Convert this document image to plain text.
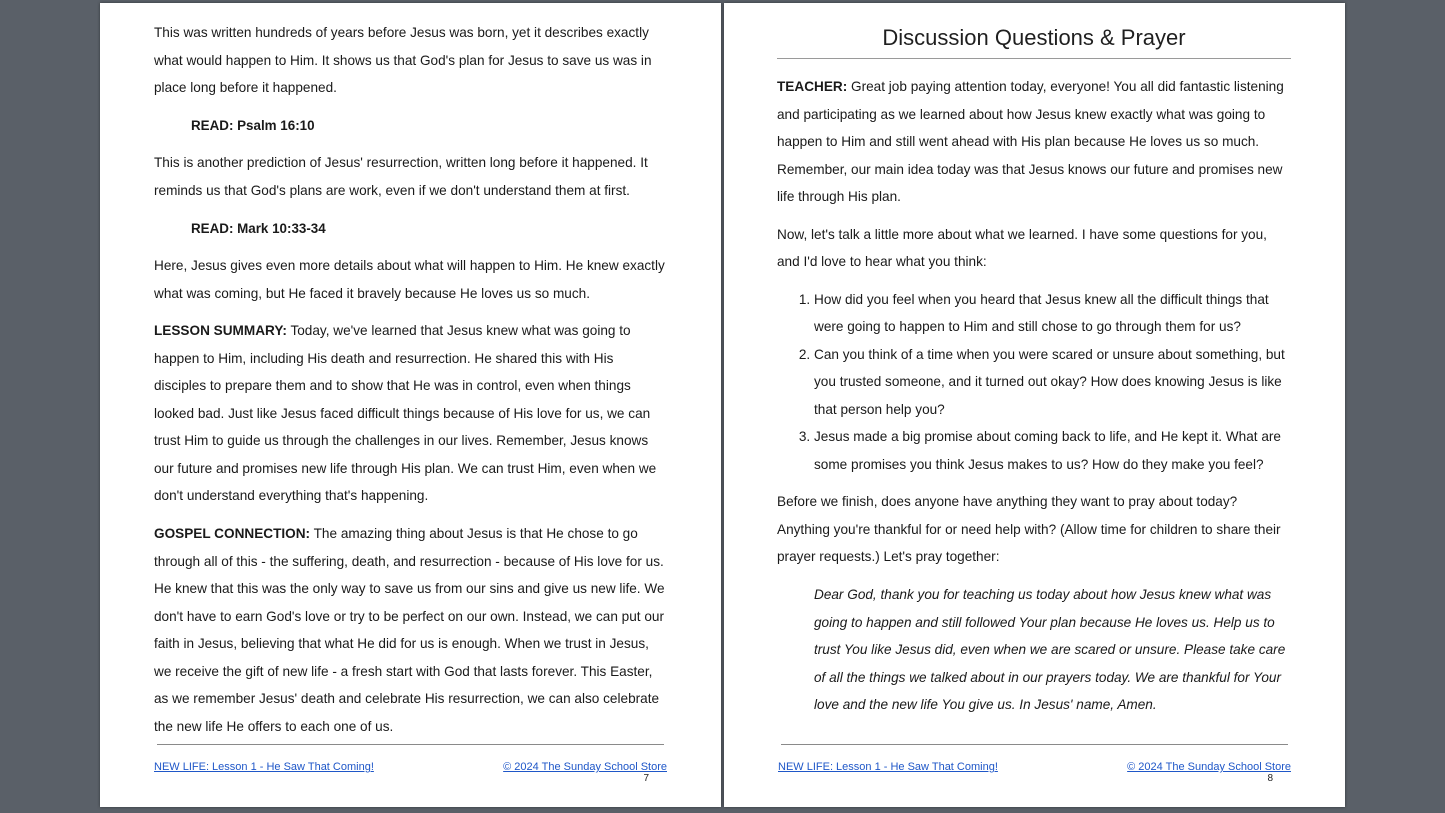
This was written hundreds of years before Jesus was born, yet it describes exactly what would happen to Him. It shows us that God's plan for Jesus to save us was in place long before it happened.

READ: Psalm 16:10

This is another prediction of Jesus' resurrection, written long before it happened. It reminds us that God's plans are work, even if we don't understand them at first.

READ: Mark 10:33-34

Here, Jesus gives even more details about what will happen to Him. He knew exactly what was coming, but He faced it bravely because He loves us so much.

LESSON SUMMARY: Today, we've learned that Jesus knew what was going to happen to Him, including His death and resurrection. He shared this with His disciples to prepare them and to show that He was in control, even when things looked bad. Just like Jesus faced difficult things because of His love for us, we can trust Him to guide us through the challenges in our lives. Remember, Jesus knows our future and promises new life through His plan. We can trust Him, even when we don't understand everything that's happening.

GOSPEL CONNECTION: The amazing thing about Jesus is that He chose to go through all of this - the suffering, death, and resurrection - because of His love for us. He knew that this was the only way to save us from our sins and give us new life. We don't have to earn God's love or try to be perfect on our own. Instead, we can put our faith in Jesus, believing that what He did for us is enough. When we trust in Jesus, we receive the gift of new life - a fresh start with God that lasts forever. This Easter, as we remember Jesus' death and celebrate His resurrection, we can also celebrate the new life He offers to each one of us.

NEW LIFE: Lesson 1 - He Saw That Coming!	© 2024 The Sunday School Store
7
Discussion Questions & Prayer

TEACHER: Great job paying attention today, everyone! You all did fantastic listening and participating as we learned about how Jesus knew exactly what was going to happen to Him and still went ahead with His plan because He loves us so much. Remember, our main idea today was that Jesus knows our future and promises new life through His plan.

Now, let's talk a little more about what we learned. I have some questions for you, and I'd love to hear what you think:

1. How did you feel when you heard that Jesus knew all the difficult things that were going to happen to Him and still chose to go through them for us?
2. Can you think of a time when you were scared or unsure about something, but you trusted someone, and it turned out okay? How does knowing Jesus is like that person help you?
3. Jesus made a big promise about coming back to life, and He kept it. What are some promises you think Jesus makes to us? How do they make you feel?

Before we finish, does anyone have anything they want to pray about today? Anything you're thankful for or need help with? (Allow time for children to share their prayer requests.) Let's pray together:

Dear God, thank you for teaching us today about how Jesus knew what was going to happen and still followed Your plan because He loves us. Help us to trust You like Jesus did, even when we are scared or unsure. Please take care of all the things we talked about in our prayers today. We are thankful for Your love and the new life You give us. In Jesus' name, Amen.

NEW LIFE: Lesson 1 - He Saw That Coming!	© 2024 The Sunday School Store
8
